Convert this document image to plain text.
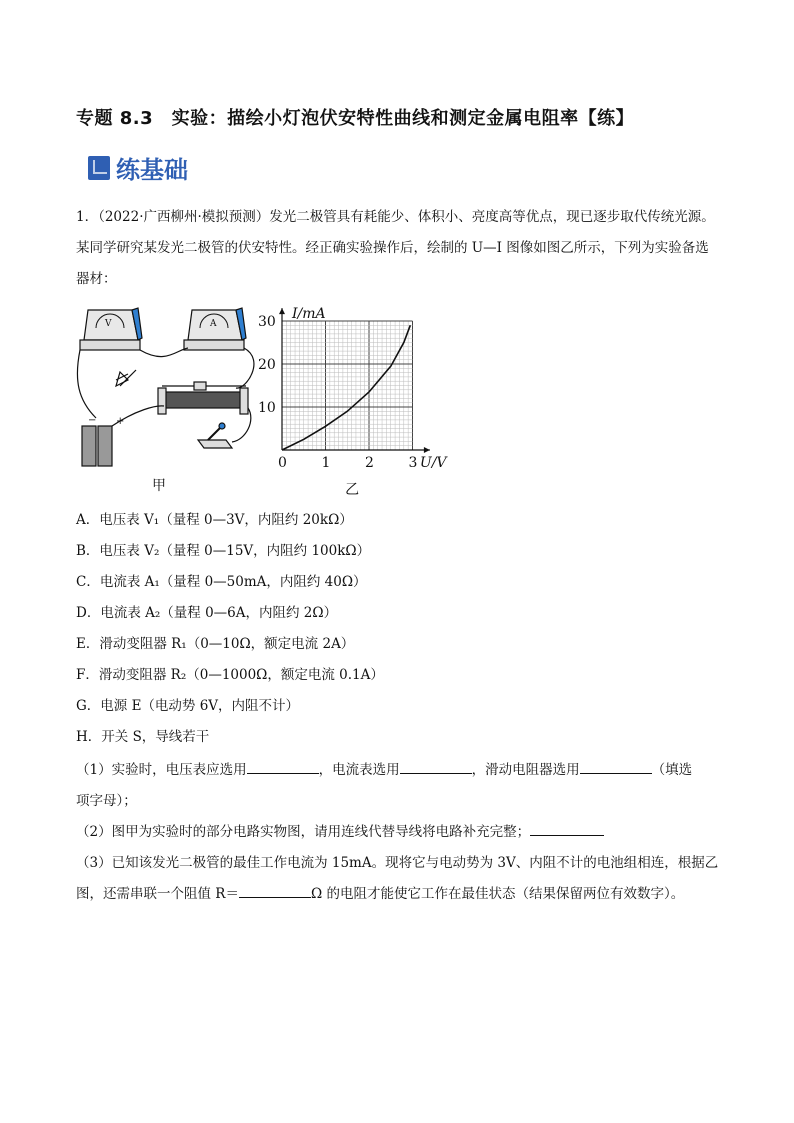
专题 8.3　实验：描绘小灯泡伏安特性曲线和测定金属电阻率【练】
练基础
1．（2022·广西柳州·模拟预测）发光二极管具有耗能少、体积小、亮度高等优点，现已逐步取代传统光源。
某同学研究某发光二极管的伏安特性。经正确实验操作后，绘制的 U—I 图像如图乙所示，下列为实验备选
器材：
V	A
− +
甲
0 1 2 3
10
20
30
U/V
I/mA
乙
A．电压表 V₁（量程 0—3V，内阻约 20kΩ）
B．电压表 V₂（量程 0—15V，内阻约 100kΩ）
C．电流表 A₁（量程 0—50mA，内阻约 40Ω）
D．电流表 A₂（量程 0—6A，内阻约 2Ω）
E．滑动变阻器 R₁（0—10Ω，额定电流 2A）
F．滑动变阻器 R₂（0—1000Ω，额定电流 0.1A）
G．电源 E（电动势 6V，内阻不计）
H．开关 S，导线若干
（1）实验时，电压表应选用	，电流表选用	，滑动电阻器选用	（填选
项字母）；
（2）图甲为实验时的部分电路实物图，请用连线代替导线将电路补充完整；
（3）已知该发光二极管的最佳工作电流为 15mA。现将它与电动势为 3V、内阻不计的电池组相连，根据乙
图，还需串联一个阻值 R＝	Ω 的电阻才能使它工作在最佳状态（结果保留两位有效数字）。
